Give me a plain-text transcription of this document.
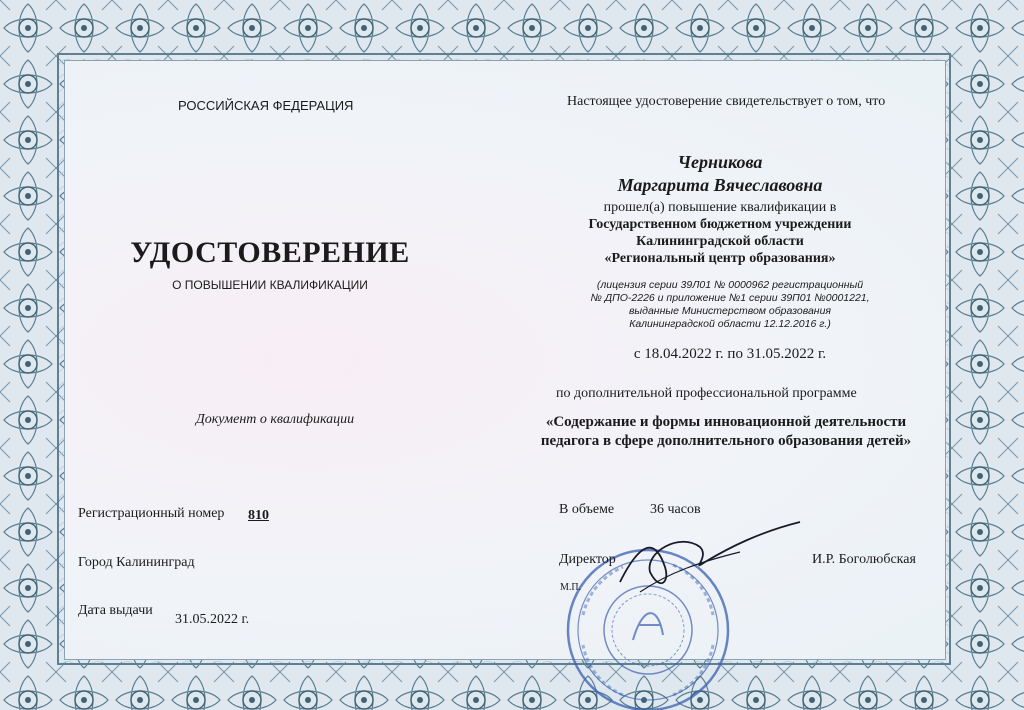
РОССИЙСКАЯ ФЕДЕРАЦИЯ
УДОСТОВЕРЕНИЕ
О ПОВЫШЕНИИ КВАЛИФИКАЦИИ
Документ о квалификации
Регистрационный номер 810
Город Калининград
Дата выдачи
31.05.2022 г.
Настоящее удостоверение свидетельствует о том, что
Черникова
Маргарита Вячеславовна
прошел(а) повышение квалификации в
Государственном бюджетном учреждении
Калининградской области
«Региональный центр образования»
(лицензия серии 39Л01 № 0000962 регистрационный
№ ДПО-2226 и приложение №1 серии 39П01 №0001221,
выданные Министерством образования
Калининградской области 12.12.2016 г.)
с 18.04.2022 г. по 31.05.2022 г.
по дополнительной профессиональной программе
«Содержание и формы инновационной деятельности
педагога в сфере дополнительного образования детей»
В объеме	36 часов
Директор	И.Р. Боголюбская
М.П.
